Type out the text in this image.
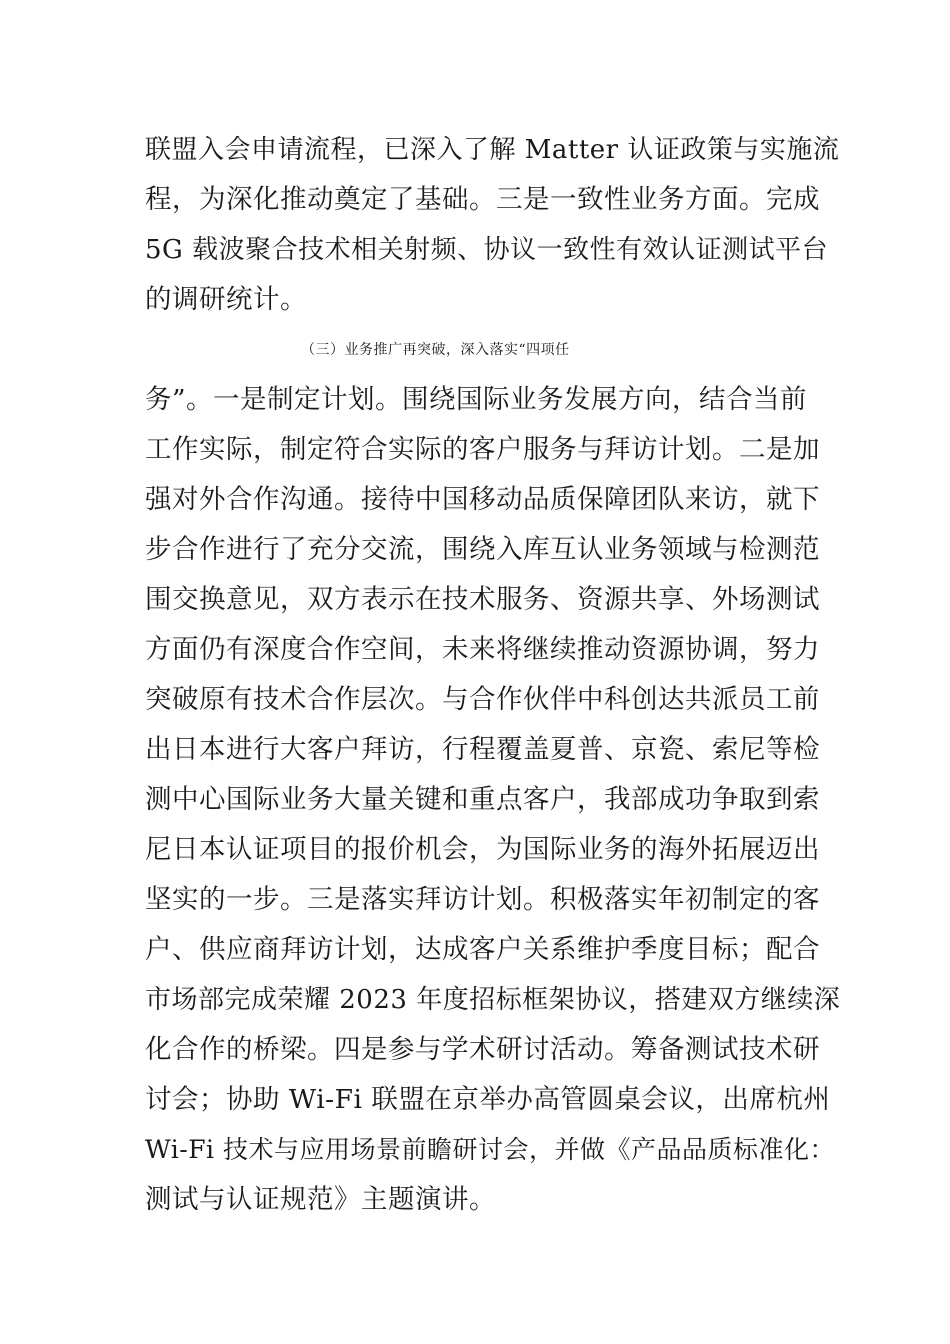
联盟入会申请流程，已深入了解 Matter 认证政策与实施流
程，为深化推动奠定了基础。三是一致性业务方面。完成
5G 载波聚合技术相关射频、协议一致性有效认证测试平台
的调研统计。
（三）业务推广再突破，深入落实“四项任
务”。一是制定计划。围绕国际业务发展方向，结合当前
工作实际，制定符合实际的客户服务与拜访计划。二是加
强对外合作沟通。接待中国移动品质保障团队来访，就下
步合作进行了充分交流，围绕入库互认业务领域与检测范
围交换意见，双方表示在技术服务、资源共享、外场测试
方面仍有深度合作空间，未来将继续推动资源协调，努力
突破原有技术合作层次。与合作伙伴中科创达共派员工前
出日本进行大客户拜访，行程覆盖夏普、京瓷、索尼等检
测中心国际业务大量关键和重点客户，我部成功争取到索
尼日本认证项目的报价机会，为国际业务的海外拓展迈出
坚实的一步。三是落实拜访计划。积极落实年初制定的客
户、供应商拜访计划，达成客户关系维护季度目标；配合
市场部完成荣耀 2023 年度招标框架协议，搭建双方继续深
化合作的桥梁。四是参与学术研讨活动。筹备测试技术研
讨会；协助 Wi-Fi 联盟在京举办高管圆桌会议，出席杭州
Wi-Fi 技术与应用场景前瞻研讨会，并做《产品品质标准化：
测试与认证规范》主题演讲。
